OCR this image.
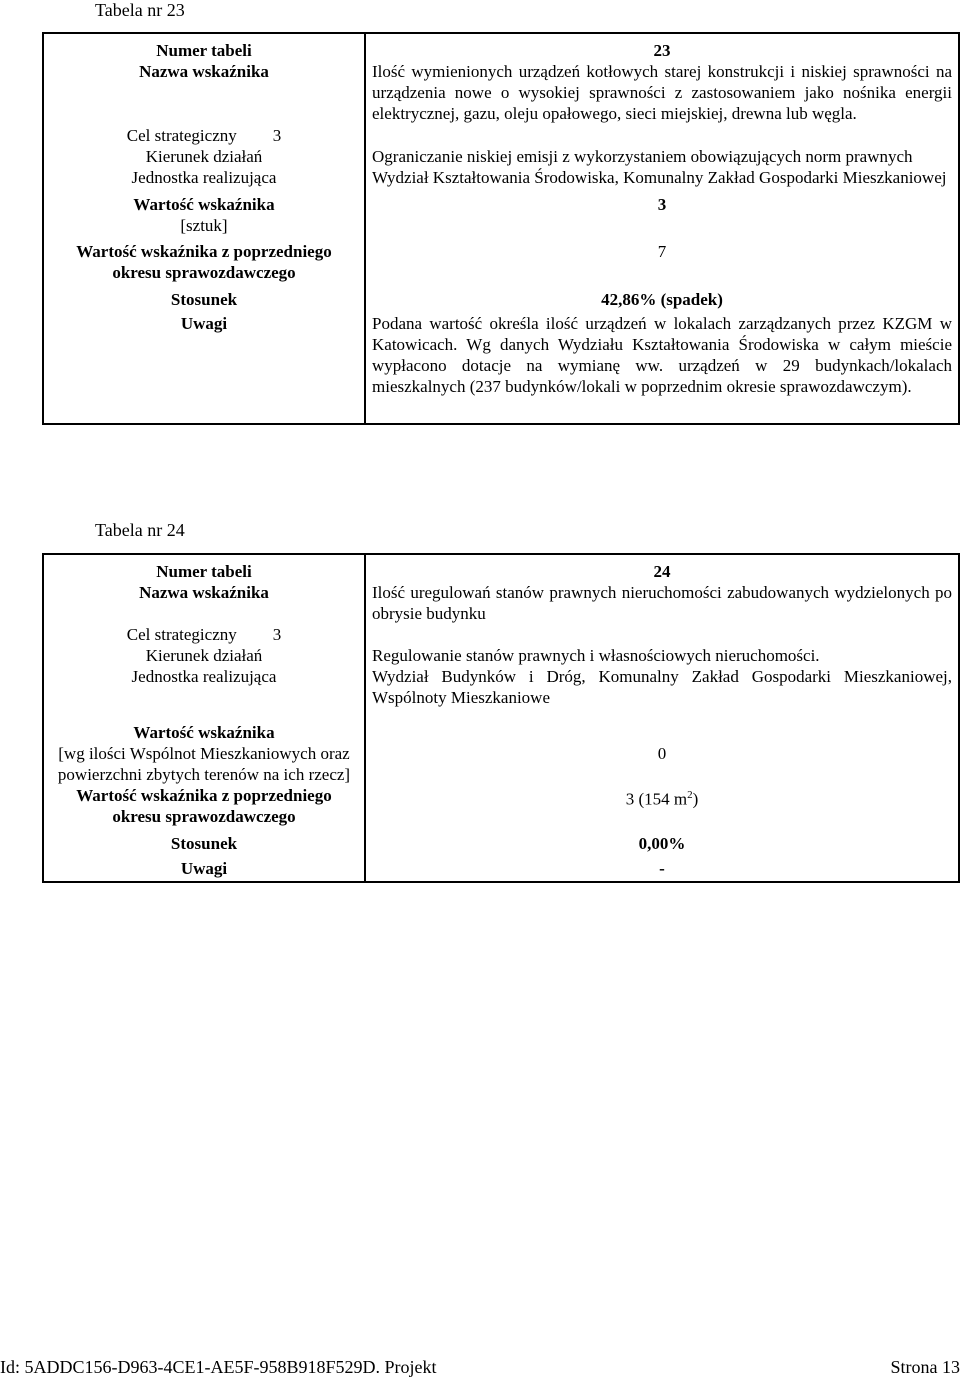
Tabela nr 23
Numer tabeli	23
Nazwa wskaźnika	Ilość wymienionych urządzeń kotłowych starej konstrukcji i niskiej sprawności na urządzenia nowe o wysokiej sprawności z zastosowaniem jako nośnika energii elektrycznej, gazu, oleju opałowego, sieci miejskiej, drewna lub węgla.

Cel strategiczny 3	

Kierunek działań	Ograniczanie niskiej emisji z wykorzystaniem obowiązujących norm prawnych
Jednostka realizująca	Wydział Kształtowania Środowiska, Komunalny Zakład Gospodarki Mieszkaniowej

Wartość wskaźnika
[sztuk]	3

Wartość wskaźnika z poprzedniego
okresu sprawozdawczego	7
Stosunek	42,86% (spadek)
Uwagi	Podana wartość określa ilość urządzeń w lokalach zarządzanych przez KZGM w Katowicach. Wg danych Wydziału Kształtowania Środowiska w całym mieście wypłacono dotacje na wymianę ww. urządzeń w 29 budynkach/lokalach mieszkalnych (237 budynków/lokali w poprzednim okresie sprawozdawczym).
Tabela nr 24
Numer tabeli	24
Nazwa wskaźnika	Ilość uregulowań stanów prawnych nieruchomości zabudowanych wydzielonych po obrysie budynku

Cel strategiczny 3	

Kierunek działań	Regulowanie stanów prawnych i własnościowych nieruchomości.
Jednostka realizująca	Wydział Budynków i Dróg, Komunalny Zakład Gospodarki Mieszkaniowej, Wspólnoty Mieszkaniowe

Wartość wskaźnika
[wg ilości Wspólnot Mieszkaniowych oraz powierzchni zbytych terenów na ich rzecz]	0

Wartość wskaźnika z poprzedniego
okresu sprawozdawczego	3 (154 $m^2$)
Stosunek	0,00%
Uwagi	-
Id: 5ADDC156-D963-4CE1-AE5F-958B918F529D. Projekt	Strona 13
